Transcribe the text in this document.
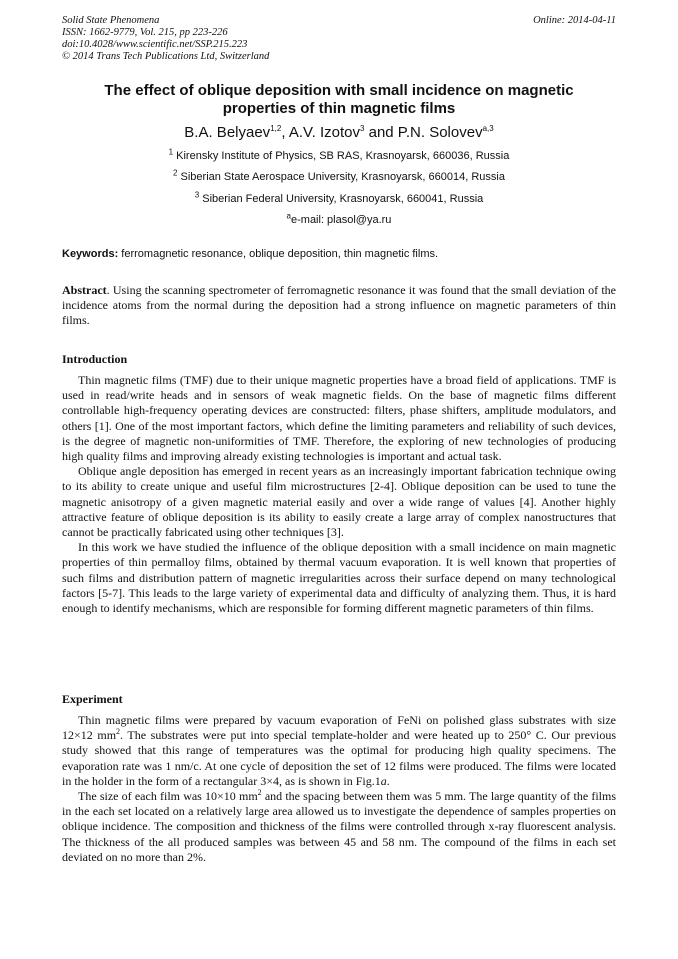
Solid State Phenomena
ISSN: 1662-9779, Vol. 215, pp 223-226
doi:10.4028/www.scientific.net/SSP.215.223
© 2014 Trans Tech Publications Ltd, Switzerland
Online: 2014-04-11
The effect of oblique deposition with small incidence on magnetic
properties of thin magnetic films
B.A. Belyaev$^{1,2}$, A.V. Izotov$^3$ and P.N. Solovev$^{a,3}$
$^1$ Kirensky Institute of Physics, SB RAS, Krasnoyarsk, 660036, Russia
$^2$ Siberian State Aerospace University, Krasnoyarsk, 660014, Russia
$^3$ Siberian Federal University, Krasnoyarsk, 660041, Russia
$^a$e-mail: plasol@ya.ru
Keywords: ferromagnetic resonance, oblique deposition, thin magnetic films.

Abstract. Using the scanning spectrometer of ferromagnetic resonance it was found that the small deviation of the incidence atoms from the normal during the deposition had a strong influence on magnetic parameters of thin films.

Introduction

Thin magnetic films (TMF) due to their unique magnetic properties have a broad field of applications. TMF is used in read/write heads and in sensors of weak magnetic fields. On the base of magnetic films different controllable high-frequency operating devices are constructed: filters, phase shifters, amplitude modulators, and others [1]. One of the most important factors, which define the limiting parameters and reliability of such devices, is the degree of magnetic non-uniformities of TMF. Therefore, the exploring of new technologies of producing high quality films and improving already existing technologies is important and actual task.

Oblique angle deposition has emerged in recent years as an increasingly important fabrication technique owing to its ability to create unique and useful film microstructures [2-4]. Oblique deposition can be used to tune the magnetic anisotropy of a given magnetic material easily and over a wide range of values [4]. Another highly attractive feature of oblique deposition is its ability to easily create a large array of complex nanostructures that cannot be practically fabricated using other techniques [3].

In this work we have studied the influence of the oblique deposition with a small incidence on main magnetic properties of thin permalloy films, obtained by thermal vacuum evaporation. It is well known that properties of such films and distribution pattern of magnetic irregularities across their surface depend on many technological factors [5-7]. This leads to the large variety of experimental data and difficulty of analyzing them. Thus, it is hard enough to identify mechanisms, which are responsible for forming different magnetic parameters of thin films.

Experiment

Thin magnetic films were prepared by vacuum evaporation of FeNi on polished glass substrates with size 12×12 $mm^2$. The substrates were put into special template-holder and were heated up to 250° C. Our previous study showed that this range of temperatures was the optimal for producing high quality specimens. The evaporation rate was 1 nm/c. At one cycle of deposition the set of 12 films were produced. The films were located in the holder in the form of a rectangular 3×4, as is shown in Fig.1a.

The size of each film was 10×10 $mm^2$ and the spacing between them was 5 mm. The large quantity of the films in the each set located on a relatively large area allowed us to investigate the dependence of samples properties on oblique incidence. The composition and thickness of the films were controlled through x-ray fluorescent analysis. The thickness of the all produced samples was between 45 and 58 nm. The compound of the films in each set deviated on no more than 2%.
